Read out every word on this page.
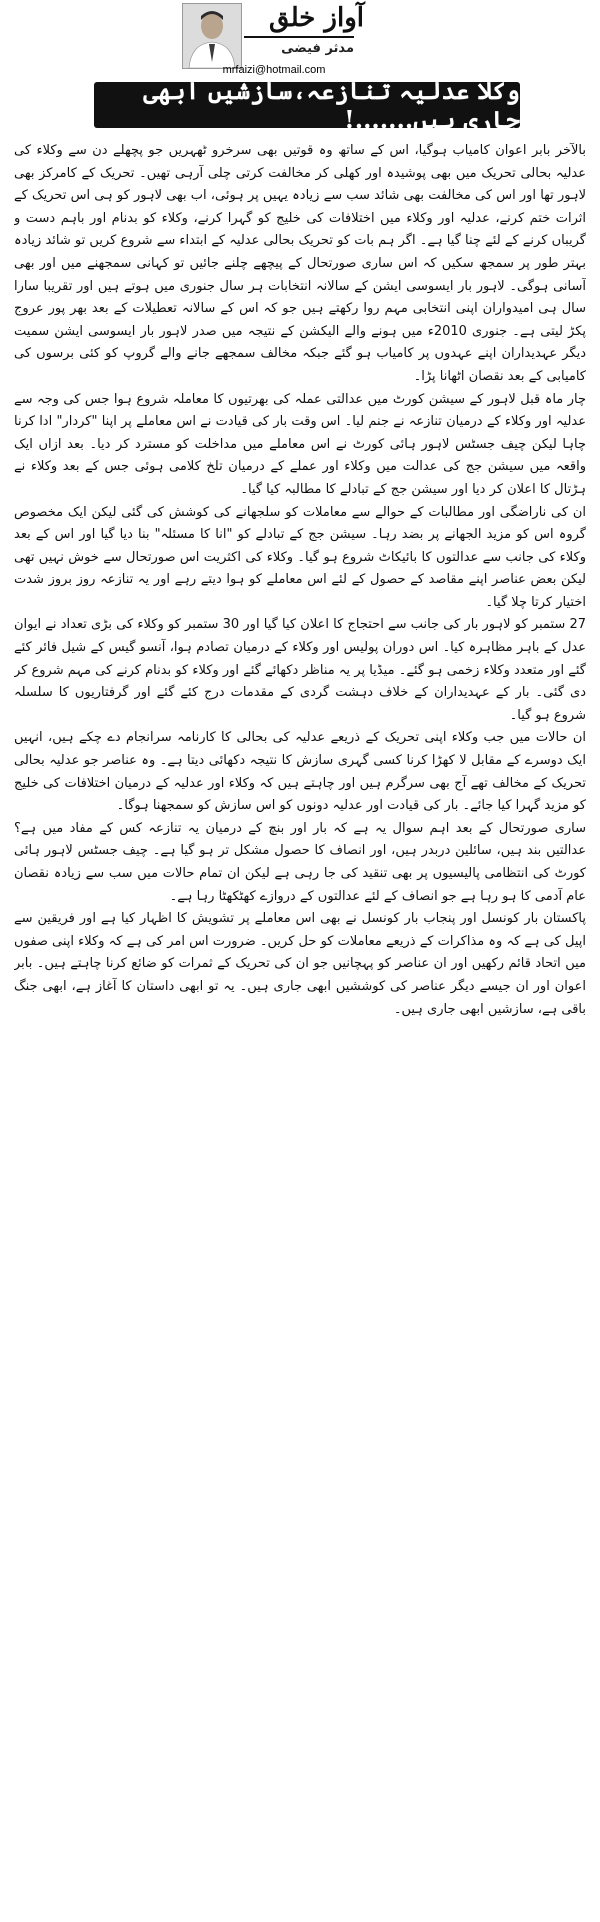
آواز خلق
مدثر فیضی
mrfaizi@hotmail.com
وکلا عدلیہ تنازعہ،سازشیں ابھی جاری ہیں.......!

بالآخر بابر اعوان کامیاب ہوگیا، اس کے ساتھ وہ قوتیں بھی سرخرو ٹھہریں جو پچھلے دن سے وکلاء کی عدلیہ بحالی تحریک میں بھی پوشیدہ اور کھلی کر مخالفت کرتی چلی آرہی تھیں۔ تحریک کے کامرکز بھی لاہور تھا اور اس کی مخالفت بھی شائد سب سے زیادہ یہیں پر ہوئی، اب بھی لاہور کو ہی اس تحریک کے اثرات ختم کرنے، عدلیہ اور وکلاء میں اختلافات کی خلیج کو گہرا کرنے، وکلاء کو بدنام اور باہم دست و گریباں کرنے کے لئے چنا گیا ہے۔ اگر ہم بات کو تحریک بحالی عدلیہ کے ابتداء سے شروع کریں تو شائد زیادہ بہتر طور پر سمجھ سکیں کہ اس ساری صورتحال کے پیچھے چلنے جائیں تو کہانی سمجھنے میں اور بھی آسانی ہوگی۔ لاہور بار ایسوسی ایشن کے سالانہ انتخابات ہر سال جنوری میں ہوتے ہیں اور تقریبا سارا سال ہی امیدواران اپنی انتخابی مہم روا رکھتے ہیں جو کہ اس کے سالانہ تعطیلات کے بعد بھر پور عروج پکڑ لیتی ہے۔ جنوری 2010ء میں ہونے والے الیکشن کے نتیجہ میں صدر لاہور بار ایسوسی ایشن سمیت دیگر عہدیداران اپنے عہدوں پر کامیاب ہو گئے جبکہ مخالف سمجھے جانے والے گروپ کو کئی برسوں کی کامیابی کے بعد نقصان اٹھانا پڑا۔

چار ماہ قبل لاہور کے سیشن کورٹ میں عدالتی عملہ کی بھرتیوں کا معاملہ شروع ہوا جس کی وجہ سے عدلیہ اور وکلاء کے درمیان تنازعہ نے جنم لیا۔ اس وقت بار کی قیادت نے اس معاملے پر اپنا "کردار" ادا کرنا چاہا لیکن چیف جسٹس لاہور ہائی کورٹ نے اس معاملے میں مداخلت کو مسترد کر دیا۔ بعد ازاں ایک واقعہ میں سیشن جج کی عدالت میں وکلاء اور عملے کے درمیان تلخ کلامی ہوئی جس کے بعد وکلاء نے ہڑتال کا اعلان کر دیا اور سیشن جج کے تبادلے کا مطالبہ کیا گیا۔

ان کی ناراضگی اور مطالبات کے حوالے سے معاملات کو سلجھانے کی کوشش کی گئی لیکن ایک مخصوص گروہ اس کو مزید الجھانے پر بضد رہا۔ سیشن جج کے تبادلے کو "انا کا مسئلہ" بنا دیا گیا اور اس کے بعد وکلاء کی جانب سے عدالتوں کا بائیکاٹ شروع ہو گیا۔ وکلاء کی اکثریت اس صورتحال سے خوش نہیں تھی لیکن بعض عناصر اپنے مقاصد کے حصول کے لئے اس معاملے کو ہوا دیتے رہے اور یہ تنازعہ روز بروز شدت اختیار کرتا چلا گیا۔

27 ستمبر کو لاہور بار کی جانب سے احتجاج کا اعلان کیا گیا اور 30 ستمبر کو وکلاء کی بڑی تعداد نے ایوان عدل کے باہر مظاہرہ کیا۔ اس دوران پولیس اور وکلاء کے درمیان تصادم ہوا، آنسو گیس کے شیل فائر کئے گئے اور متعدد وکلاء زخمی ہو گئے۔ میڈیا پر یہ مناظر دکھائے گئے اور وکلاء کو بدنام کرنے کی مہم شروع کر دی گئی۔ بار کے عہدیداران کے خلاف دہشت گردی کے مقدمات درج کئے گئے اور گرفتاریوں کا سلسلہ شروع ہو گیا۔

ان حالات میں جب وکلاء اپنی تحریک کے ذریعے عدلیہ کی بحالی کا کارنامہ سرانجام دے چکے ہیں، انہیں ایک دوسرے کے مقابل لا کھڑا کرنا کسی گہری سازش کا نتیجہ دکھائی دیتا ہے۔ وہ عناصر جو عدلیہ بحالی تحریک کے مخالف تھے آج بھی سرگرم ہیں اور چاہتے ہیں کہ وکلاء اور عدلیہ کے درمیان اختلافات کی خلیج کو مزید گہرا کیا جائے۔ بار کی قیادت اور عدلیہ دونوں کو اس سازش کو سمجھنا ہوگا۔

ساری صورتحال کے بعد اہم سوال یہ ہے کہ بار اور بنچ کے درمیان یہ تنازعہ کس کے مفاد میں ہے؟ عدالتیں بند ہیں، سائلین دربدر ہیں، اور انصاف کا حصول مشکل تر ہو گیا ہے۔ چیف جسٹس لاہور ہائی کورٹ کی انتظامی پالیسیوں پر بھی تنقید کی جا رہی ہے لیکن ان تمام حالات میں سب سے زیادہ نقصان عام آدمی کا ہو رہا ہے جو انصاف کے لئے عدالتوں کے دروازے کھٹکھٹا رہا ہے۔

پاکستان بار کونسل اور پنجاب بار کونسل نے بھی اس معاملے پر تشویش کا اظہار کیا ہے اور فریقین سے اپیل کی ہے کہ وہ مذاکرات کے ذریعے معاملات کو حل کریں۔ ضرورت اس امر کی ہے کہ وکلاء اپنی صفوں میں اتحاد قائم رکھیں اور ان عناصر کو پہچانیں جو ان کی تحریک کے ثمرات کو ضائع کرنا چاہتے ہیں۔ بابر اعوان اور ان جیسے دیگر عناصر کی کوششیں ابھی جاری ہیں۔ یہ تو ابھی داستان کا آغاز ہے، ابھی جنگ باقی ہے، سازشیں ابھی جاری ہیں۔
